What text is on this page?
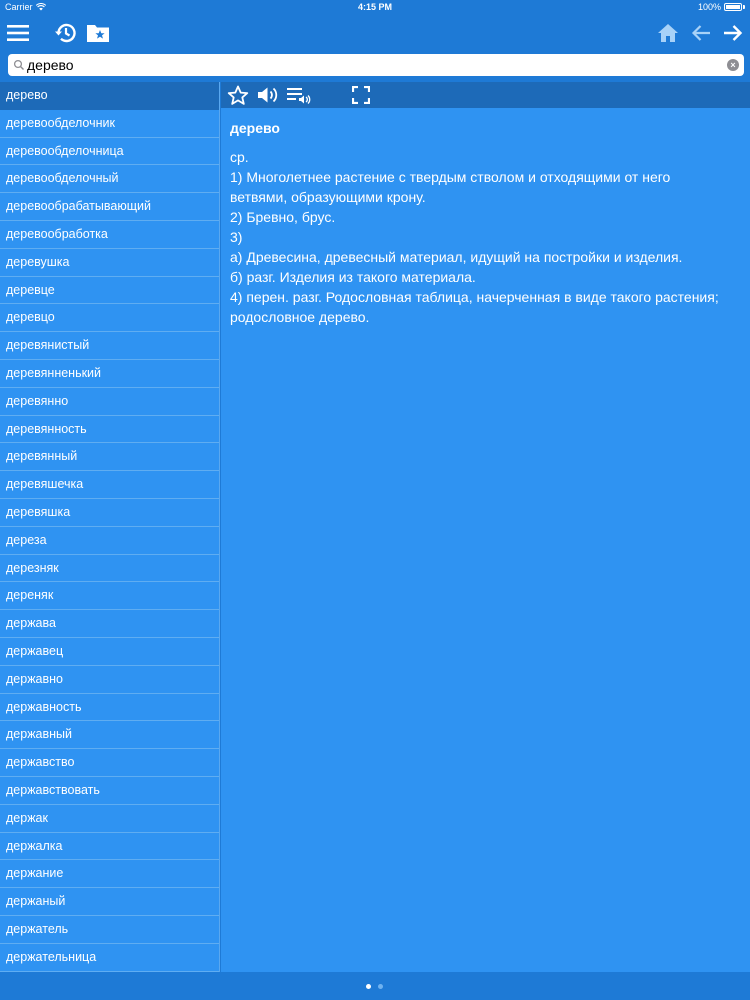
Carrier	4:15 PM	100%
дерево
×
дерево
деревообделочник
деревообделочница
деревообделочный
деревообрабатывающий
деревообработка
деревушка
деревце
деревцо
деревянистый
деревянненький
деревянно
деревянность
деревянный
деревяшечка
деревяшка
дереза
дерезняк
дереняк
держава
державец
державно
державность
державный
державство
державствовать
держак
держалка
держание
держаный
держатель
держательница
дерево
ср.
1) Многолетнее растение с твердым стволом и отходящими от него
ветвями, образующими крону.
2) Бревно, брус.
3)
а) Древесина, древесный материал, идущий на постройки и изделия.
б) разг. Изделия из такого материала.
4) перен. разг. Родословная таблица, начерченная в виде такого растения;
родословное дерево.
